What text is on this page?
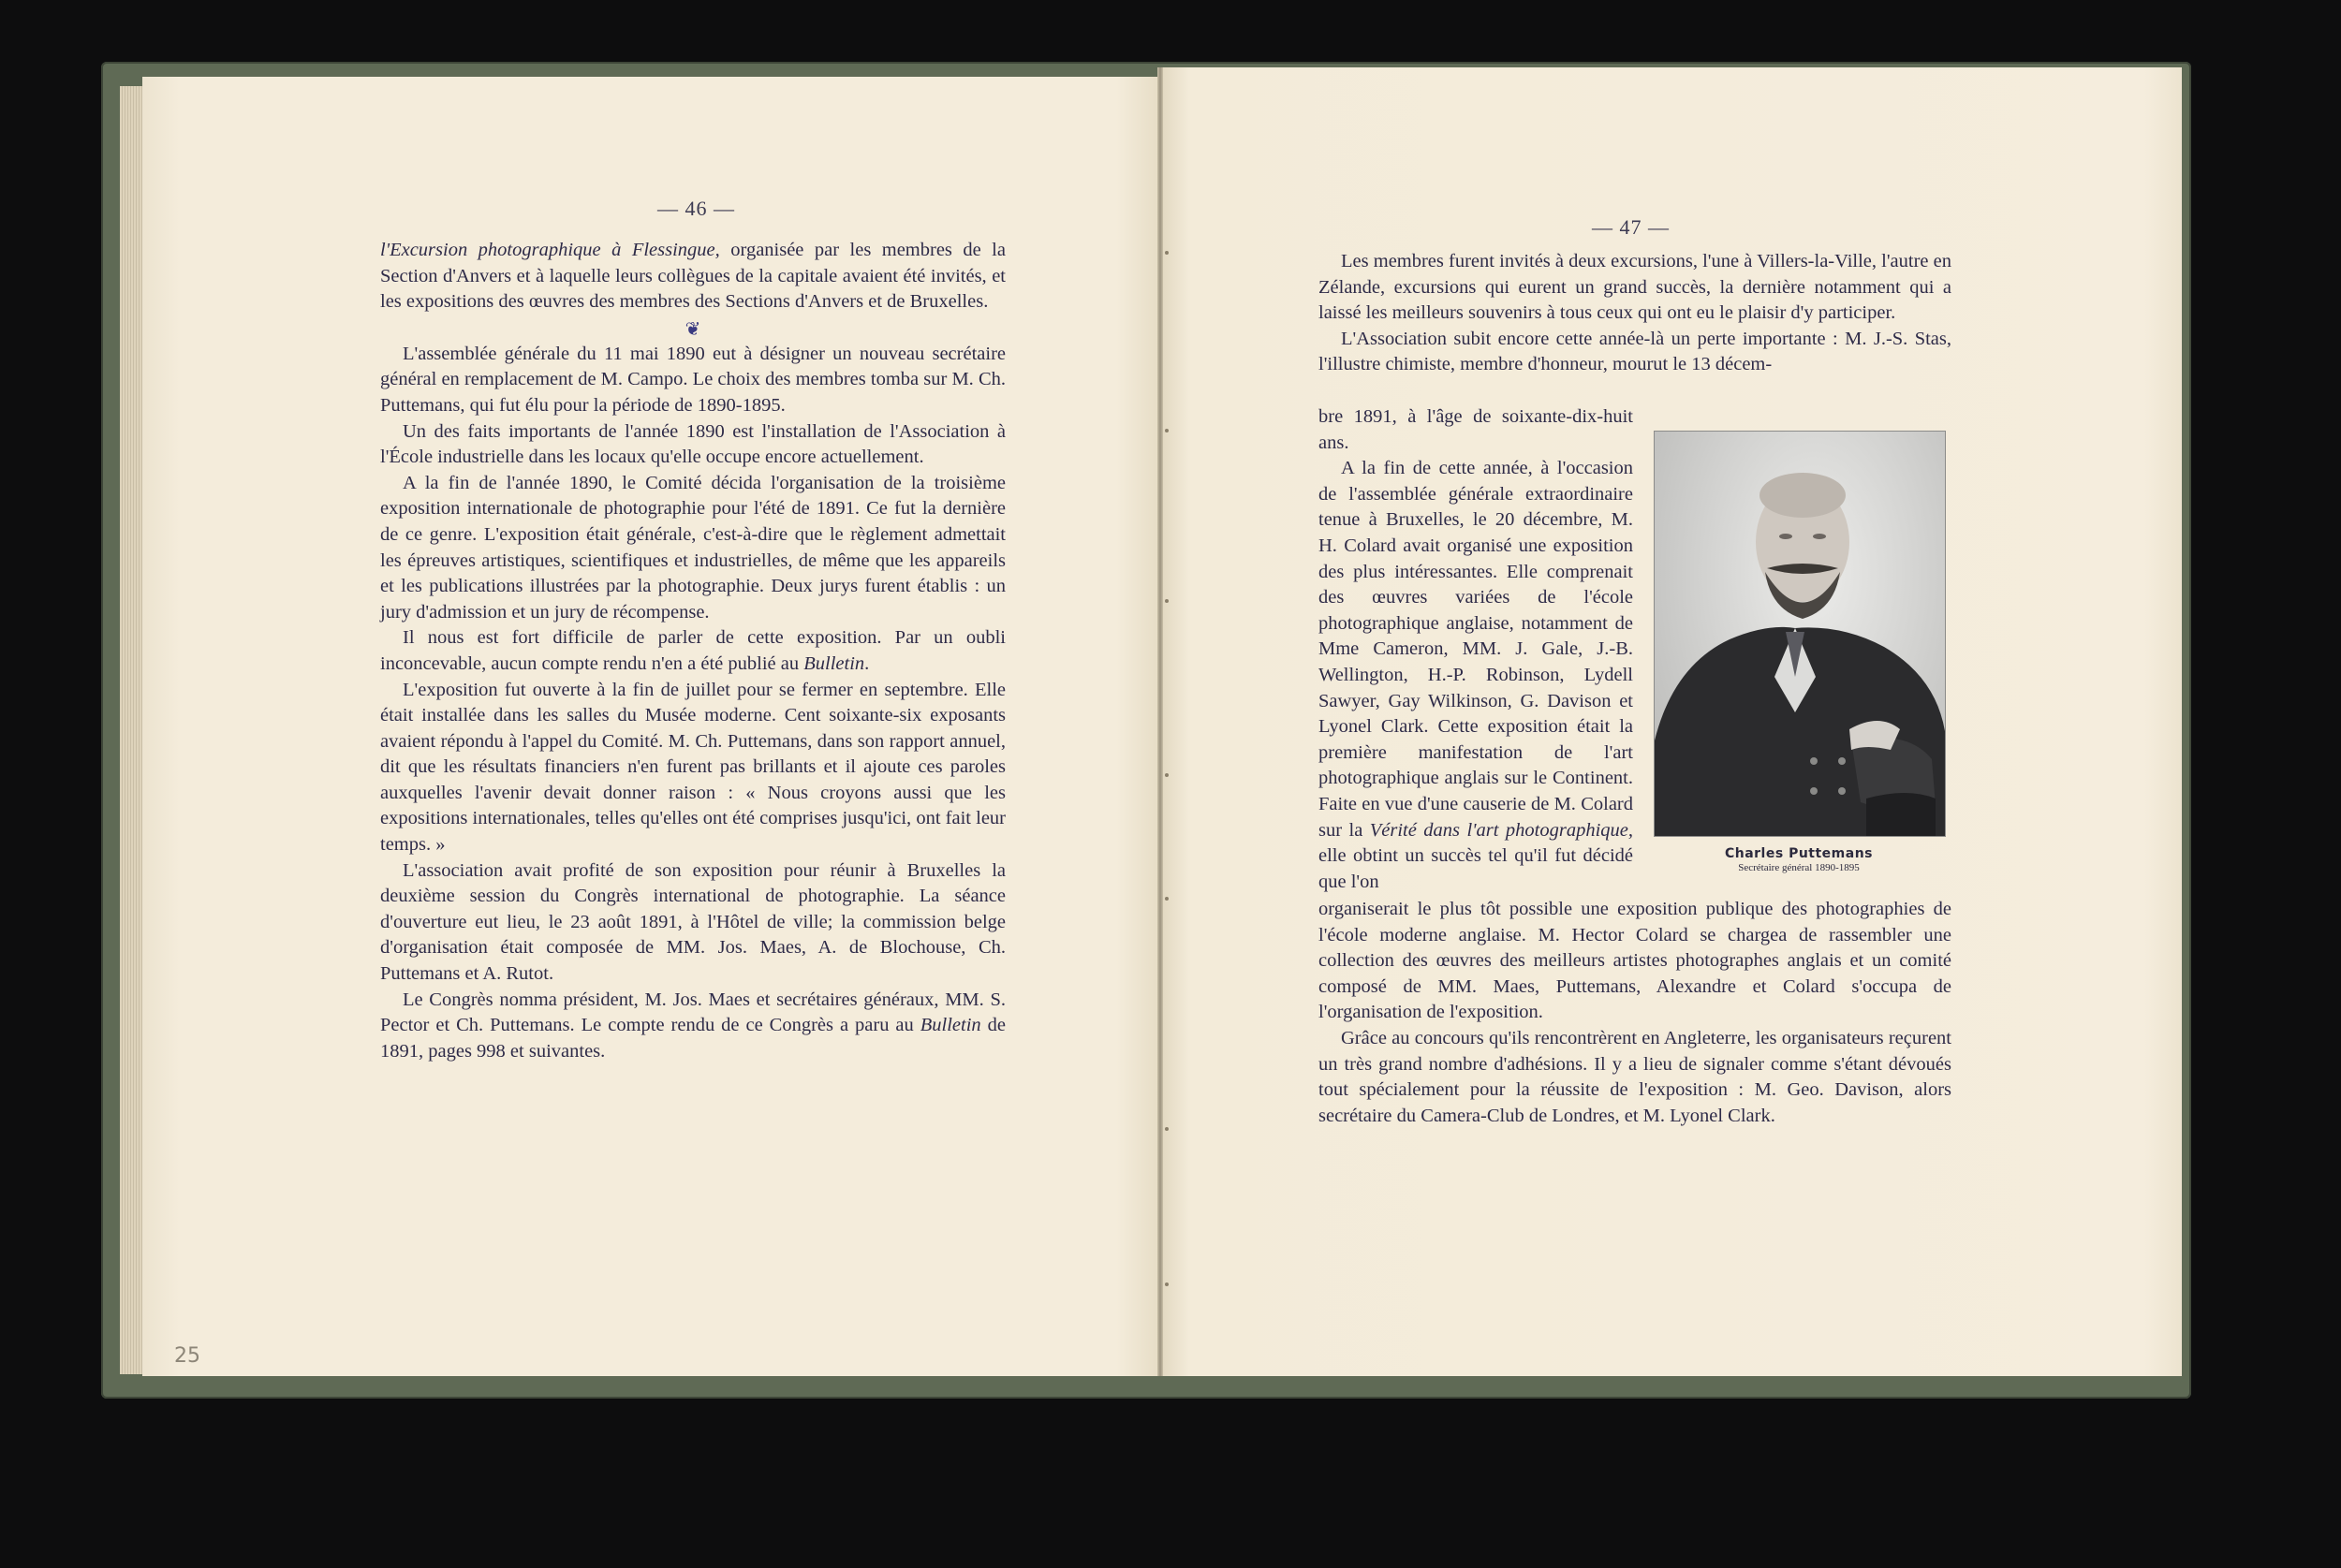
— 46 —

l'Excursion photographique à Flessingue, organisée par les membres de la Section d'Anvers et à laquelle leurs collègues de la capitale avaient été invités, et les expositions des œuvres des membres des Sections d'Anvers et de Bruxelles.

❦

L'assemblée générale du 11 mai 1890 eut à désigner un nouveau secrétaire général en remplacement de M. Campo. Le choix des membres tomba sur M. Ch. Puttemans, qui fut élu pour la période de 1890-1895.

Un des faits importants de l'année 1890 est l'installation de l'Association à l'École industrielle dans les locaux qu'elle occupe encore actuellement.

A la fin de l'année 1890, le Comité décida l'organisation de la troisième exposition internationale de photographie pour l'été de 1891. Ce fut la dernière de ce genre. L'exposition était générale, c'est-à-dire que le règlement admettait les épreuves artistiques, scientifiques et industrielles, de même que les appareils et les publications illustrées par la photographie. Deux jurys furent établis : un jury d'admission et un jury de récompense.

Il nous est fort difficile de parler de cette exposition. Par un oubli inconcevable, aucun compte rendu n'en a été publié au Bulletin.

L'exposition fut ouverte à la fin de juillet pour se fermer en septembre. Elle était installée dans les salles du Musée moderne. Cent soixante-six exposants avaient répondu à l'appel du Comité. M. Ch. Puttemans, dans son rapport annuel, dit que les résultats financiers n'en furent pas brillants et il ajoute ces paroles auxquelles l'avenir devait donner raison : « Nous croyons aussi que les expositions internationales, telles qu'elles ont été comprises jusqu'ici, ont fait leur temps. »

L'association avait profité de son exposition pour réunir à Bruxelles la deuxième session du Congrès international de photographie. La séance d'ouverture eut lieu, le 23 août 1891, à l'Hôtel de ville; la commission belge d'organisation était composée de MM. Jos. Maes, A. de Blochouse, Ch. Puttemans et A. Rutot.

Le Congrès nomma président, M. Jos. Maes et secrétaires généraux, MM. S. Pector et Ch. Puttemans. Le compte rendu de ce Congrès a paru au Bulletin de 1891, pages 998 et suivantes.

25
— 47 —

Les membres furent invités à deux excursions, l'une à Villers-la-Ville, l'autre en Zélande, excursions qui eurent un grand succès, la dernière notamment qui a laissé les meilleurs souvenirs à tous ceux qui ont eu le plaisir d'y participer.

L'Association subit encore cette année-là un perte importante : M. J.-S. Stas, l'illustre chimiste, membre d'honneur, mourut le 13 décem-

bre 1891, à l'âge de soixante-dix-huit ans.

A la fin de cette année, à l'occasion de l'assemblée générale extraordinaire tenue à Bruxelles, le 20 décembre, M. H. Colard avait organisé une exposition des plus intéressantes. Elle comprenait des œuvres variées de l'école photographique anglaise, notamment de Mme Cameron, MM. J. Gale, J.-B. Wellington, H.-P. Robinson, Lydell Sawyer, Gay Wilkinson, G. Davison et Lyonel Clark. Cette exposition était la première manifestation de l'art photographique anglais sur le Continent. Faite en vue d'une causerie de M. Colard sur la Vérité dans l'art photographique, elle obtint un succès tel qu'il fut décidé que l'on

organiserait le plus tôt possible une exposition publique des photographies de l'école moderne anglaise. M. Hector Colard se chargea de rassembler une collection des œuvres des meilleurs artistes photographes anglais et un comité composé de MM. Maes, Puttemans, Alexandre et Colard s'occupa de l'organisation de l'exposition.

Grâce au concours qu'ils rencontrèrent en Angleterre, les organisateurs reçurent un très grand nombre d'adhésions. Il y a lieu de signaler comme s'étant dévoués tout spécialement pour la réussite de l'exposition : M. Geo. Davison, alors secrétaire du Camera-Club de Londres, et M. Lyonel Clark.

Charles Puttemans
Secrétaire général 1890-1895
